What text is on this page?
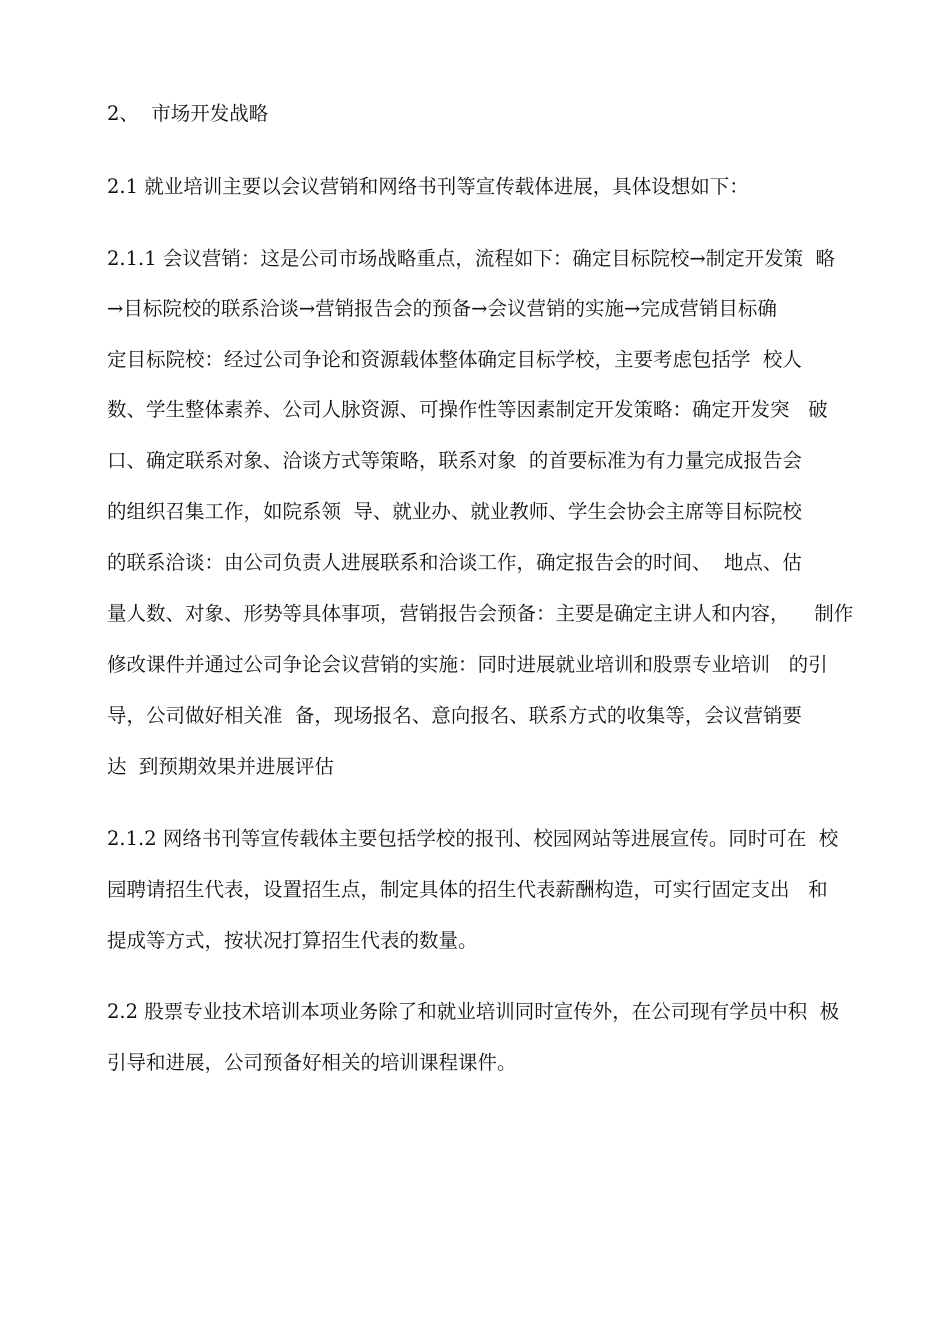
2、  市场开发战略
2.1 就业培训主要以会议营销和网络书刊等宣传载体进展，具体设想如下：
2.1.1 会议营销：这是公司市场战略重点，流程如下：确定目标院校→制定开发策  略
→目标院校的联系洽谈→营销报告会的预备→会议营销的实施→完成营销目标确
定目标院校：经过公司争论和资源载体整体确定目标学校，主要考虑包括学  校人
数、学生整体素养、公司人脉资源、可操作性等因素制定开发策略：确定开发突   破
口、确定联系对象、洽谈方式等策略，联系对象  的首要标准为有力量完成报告会
的组织召集工作，如院系领  导、就业办、就业教师、学生会协会主席等目标院校
的联系洽谈：由公司负责人进展联系和洽谈工作，确定报告会的时间、  地点、估
量人数、对象、形势等具体事项，营销报告会预备：主要是确定主讲人和内容，    制作
修改课件并通过公司争论会议营销的实施：同时进展就业培训和股票专业培训   的引
导，公司做好相关准  备，现场报名、意向报名、联系方式的收集等，会议营销要
达  到预期效果并进展评估
2.1.2 网络书刊等宣传载体主要包括学校的报刊、校园网站等进展宣传。同时可在  校
园聘请招生代表，设置招生点，制定具体的招生代表薪酬构造，可实行固定支出   和
提成等方式，按状况打算招生代表的数量。
2.2 股票专业技术培训本项业务除了和就业培训同时宣传外，在公司现有学员中积  极
引导和进展，公司预备好相关的培训课程课件。
